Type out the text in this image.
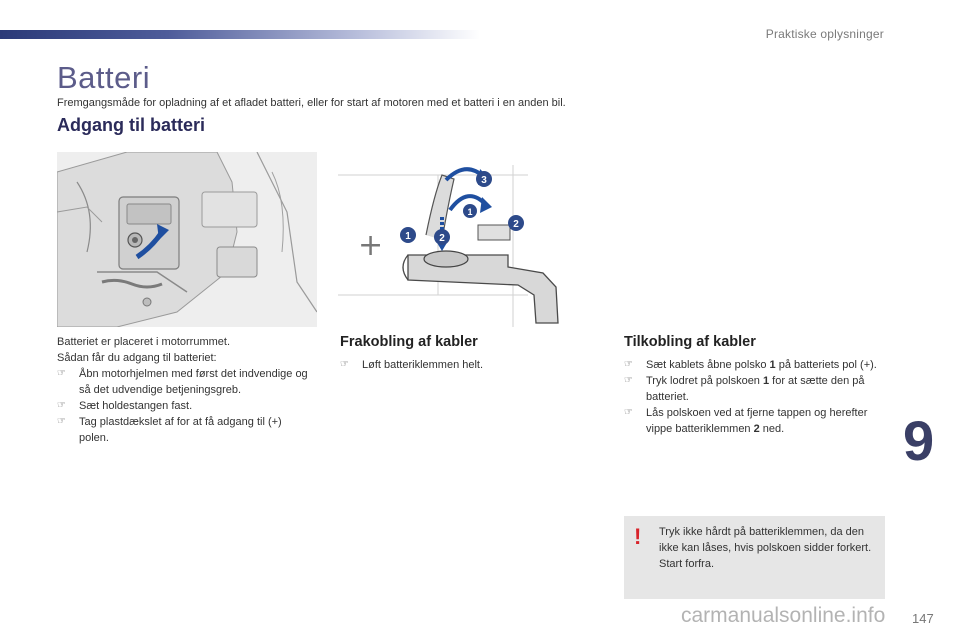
Praktiske oplysninger
Batteri
Fremgangsmåde for opladning af et afladet batteri, eller for start af motoren med et batteri i en anden bil.
Adgang til batteri
+ 1	2
2
3
1
Batteriet er placeret i motorrummet.
Sådan får du adgang til batteriet:
☞ Åbn motorhjelmen med først det indvendige og så det udvendige betjeningsgreb.
☞ Sæt holdestangen fast.
☞ Tag plastdækslet af for at få adgang til (+) polen.
Frakobling af kabler
☞ Løft batteriklemmen helt.
Tilkobling af kabler
☞ Sæt kablets åbne polsko 1 på batteriets pol (+).
☞ Tryk lodret på polskoen 1 for at sætte den på batteriet.
☞ Lås polskoen ved at fjerne tappen og herefter vippe batteriklemmen 2 ned.
! Tryk ikke hårdt på batteriklemmen, da den ikke kan låses, hvis polskoen sidder forkert. Start forfra.
9
carmanualsonline.info 147
